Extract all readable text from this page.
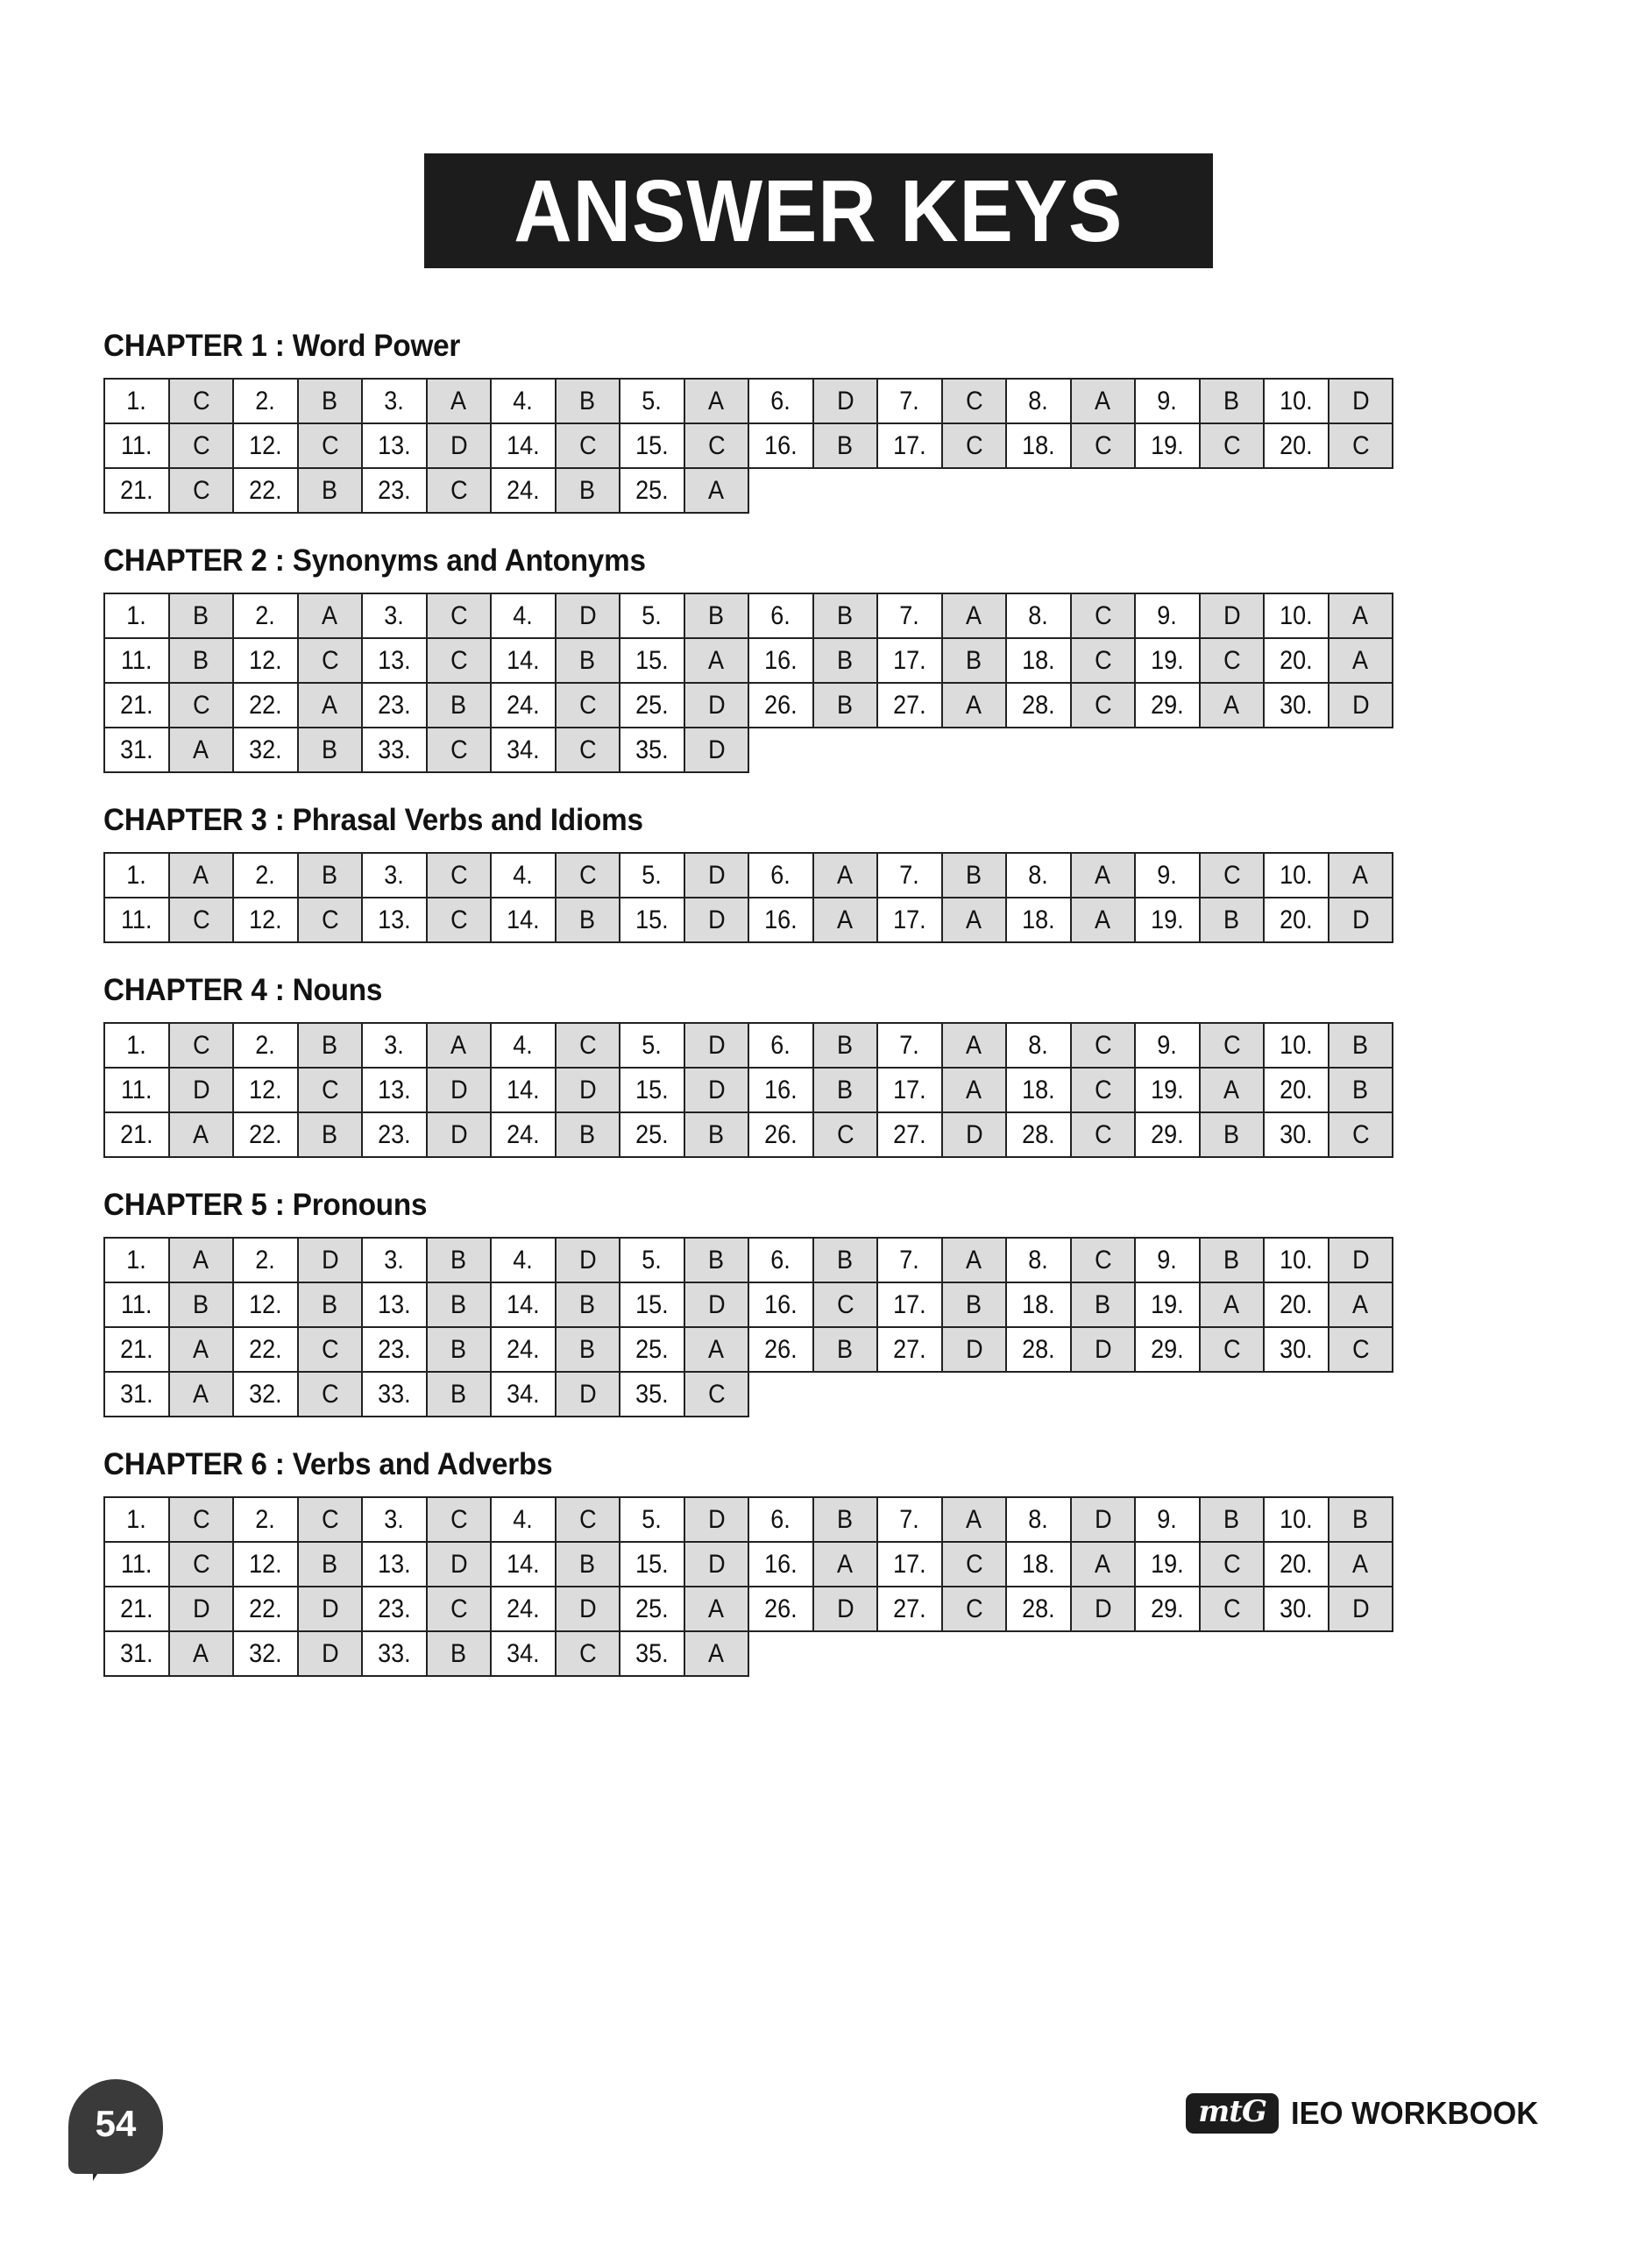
ANSWER KEYS
CHAPTER 1 : Word Power
1.	C	2.	B	3.	A	4.	B	5.	A	6.	D	7.	C	8.	A	9.	B	10.	D
11.	C	12.	C	13.	D	14.	C	15.	C	16.	B	17.	C	18.	C	19.	C	20.	C
21.	C	22.	B	23.	C	24.	B	25.	A										
CHAPTER 2 : Synonyms and Antonyms
1.	B	2.	A	3.	C	4.	D	5.	B	6.	B	7.	A	8.	C	9.	D	10.	A
11.	B	12.	C	13.	C	14.	B	15.	A	16.	B	17.	B	18.	C	19.	C	20.	A
21.	C	22.	A	23.	B	24.	C	25.	D	26.	B	27.	A	28.	C	29.	A	30.	D
31.	A	32.	B	33.	C	34.	C	35.	D										
CHAPTER 3 : Phrasal Verbs and Idioms
1.	A	2.	B	3.	C	4.	C	5.	D	6.	A	7.	B	8.	A	9.	C	10.	A
11.	C	12.	C	13.	C	14.	B	15.	D	16.	A	17.	A	18.	A	19.	B	20.	D
CHAPTER 4 : Nouns
1.	C	2.	B	3.	A	4.	C	5.	D	6.	B	7.	A	8.	C	9.	C	10.	B
11.	D	12.	C	13.	D	14.	D	15.	D	16.	B	17.	A	18.	C	19.	A	20.	B
21.	A	22.	B	23.	D	24.	B	25.	B	26.	C	27.	D	28.	C	29.	B	30.	C
CHAPTER 5 : Pronouns
1.	A	2.	D	3.	B	4.	D	5.	B	6.	B	7.	A	8.	C	9.	B	10.	D
11.	B	12.	B	13.	B	14.	B	15.	D	16.	C	17.	B	18.	B	19.	A	20.	A
21.	A	22.	C	23.	B	24.	B	25.	A	26.	B	27.	D	28.	D	29.	C	30.	C
31.	A	32.	C	33.	B	34.	D	35.	C										
CHAPTER 6 : Verbs and Adverbs
1.	C	2.	C	3.	C	4.	C	5.	D	6.	B	7.	A	8.	D	9.	B	10.	B
11.	C	12.	B	13.	D	14.	B	15.	D	16.	A	17.	C	18.	A	19.	C	20.	A
21.	D	22.	D	23.	C	24.	D	25.	A	26.	D	27.	C	28.	D	29.	C	30.	D
31.	A	32.	D	33.	B	34.	C	35.	A										
54	mtG IEO WORKBOOK
